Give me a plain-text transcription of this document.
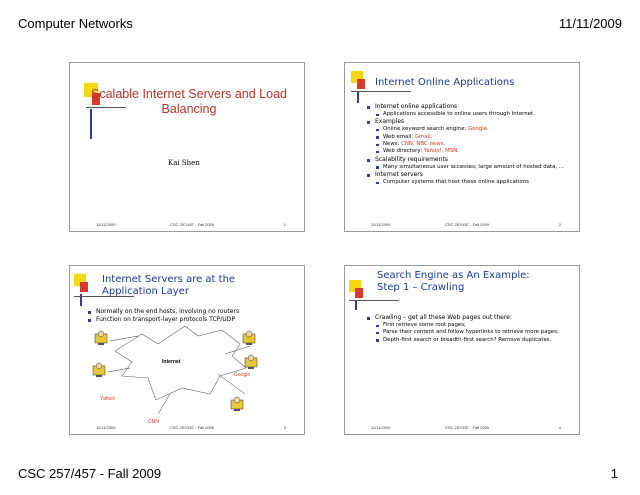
Computer Networks	11/11/2009
Scalable Internet Servers and Load Balancing
Kai Shen
11/11/2009	CSC 257/457 - Fall 2009	1
Internet Online Applications
Internet online applications
Applications accessible to online users through Internet.
Examples
Online keyword search engine: Google.
Web email: Gmail.
News: CNN, NBC news.
Web directory: Yahoo!, MSN.
Scalability requirements
Many simultaneous user accesses; large amount of hosted data, ...
Internet servers
Computer systems that host these online applications
11/11/2009	CSC 257/457 - Fall 2009	2
Internet Servers are at the
Application Layer
Normally on the end hosts, involving no routers
Function on transport-layer protocols TCP/UDP
Internet
Google
Yahoo!
CNN
11/11/2009	CSC 257/457 - Fall 2009	3
Search Engine as An Example:
Step 1 – Crawling
Crawling – get all these Web pages out there:
First retrieve some root pages;
Parse their content and follow hyperlinks to retrieve more pages;
Depth-first search or breadth-first search? Remove duplicates.
11/11/2009	CSC 257/457 - Fall 2009	4
CSC 257/457 - Fall 2009	1
